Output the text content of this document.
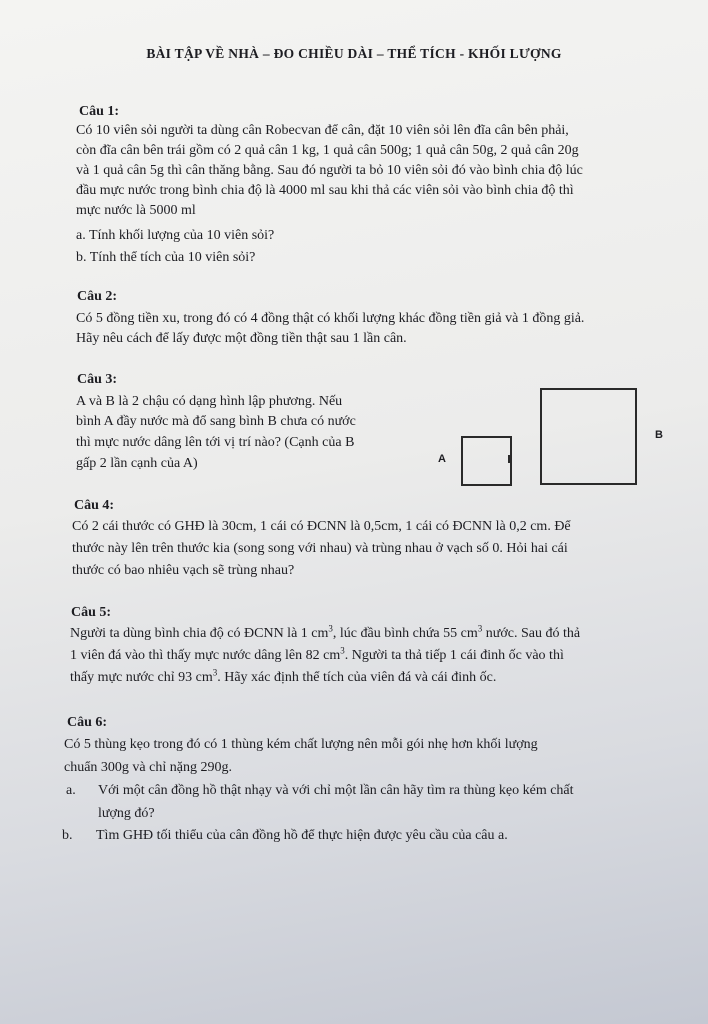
BÀI TẬP VỀ NHÀ – ĐO CHIỀU DÀI – THỂ TÍCH - KHỐI LƯỢNG
Câu 1:
Có 10 viên sỏi người ta dùng cân Robecvan để cân, đặt 10 viên sỏi lên đĩa cân bên phải,
còn đĩa cân bên trái gồm có 2 quả cân 1 kg, 1 quả cân 500g; 1 quả cân 50g, 2 quả cân 20g
và 1 quả cân 5g thì cân thăng bằng. Sau đó người ta bỏ 10 viên sỏi đó vào bình chia độ lúc
đầu mực nước trong bình chia độ là 4000 ml sau khi thả các viên sỏi vào bình chia độ thì
mực nước là 5000 ml
a. Tính khối lượng của 10 viên sỏi?
b. Tính thể tích của 10 viên sỏi?
Câu 2:
Có 5 đồng tiền xu, trong đó có 4 đồng thật có khối lượng khác đồng tiền giả và 1 đồng giả.
Hãy nêu cách để lấy được một đồng tiền thật sau 1 lần cân.
Câu 3:
A và B là 2 chậu có dạng hình lập phương. Nếu
bình A đầy nước mà đổ sang bình B chưa có nước
thì mực nước dâng lên tới vị trí nào? (Cạnh của B
gấp 2 lần cạnh của A)	A
B
Câu 4:
Có 2 cái thước có GHĐ là 30cm, 1 cái có ĐCNN là 0,5cm, 1 cái có ĐCNN là 0,2 cm. Để
thước này lên trên thước kia (song song với nhau) và trùng nhau ở vạch số 0. Hỏi hai cái
thước có bao nhiêu vạch sẽ trùng nhau?
Câu 5:
Người ta dùng bình chia độ có ĐCNN là 1 $cm^3$, lúc đầu bình chứa 55 $cm^3$ nước. Sau đó thả
1 viên đá vào thì thấy mực nước dâng lên 82 $cm^3$. Người ta thả tiếp 1 cái đinh ốc vào thì
thấy mực nước chỉ 93 $cm^3$. Hãy xác định thể tích của viên đá và cái đinh ốc.
Câu 6:
Có 5 thùng kẹo trong đó có 1 thùng kém chất lượng nên mỗi gói nhẹ hơn khối lượng
chuẩn 300g và chỉ nặng 290g.
a. Với một cân đồng hồ thật nhạy và với chỉ một lần cân hãy tìm ra thùng kẹo kém chất
lượng đó?
b. Tìm GHĐ tối thiểu của cân đồng hồ để thực hiện được yêu cầu của câu a.
